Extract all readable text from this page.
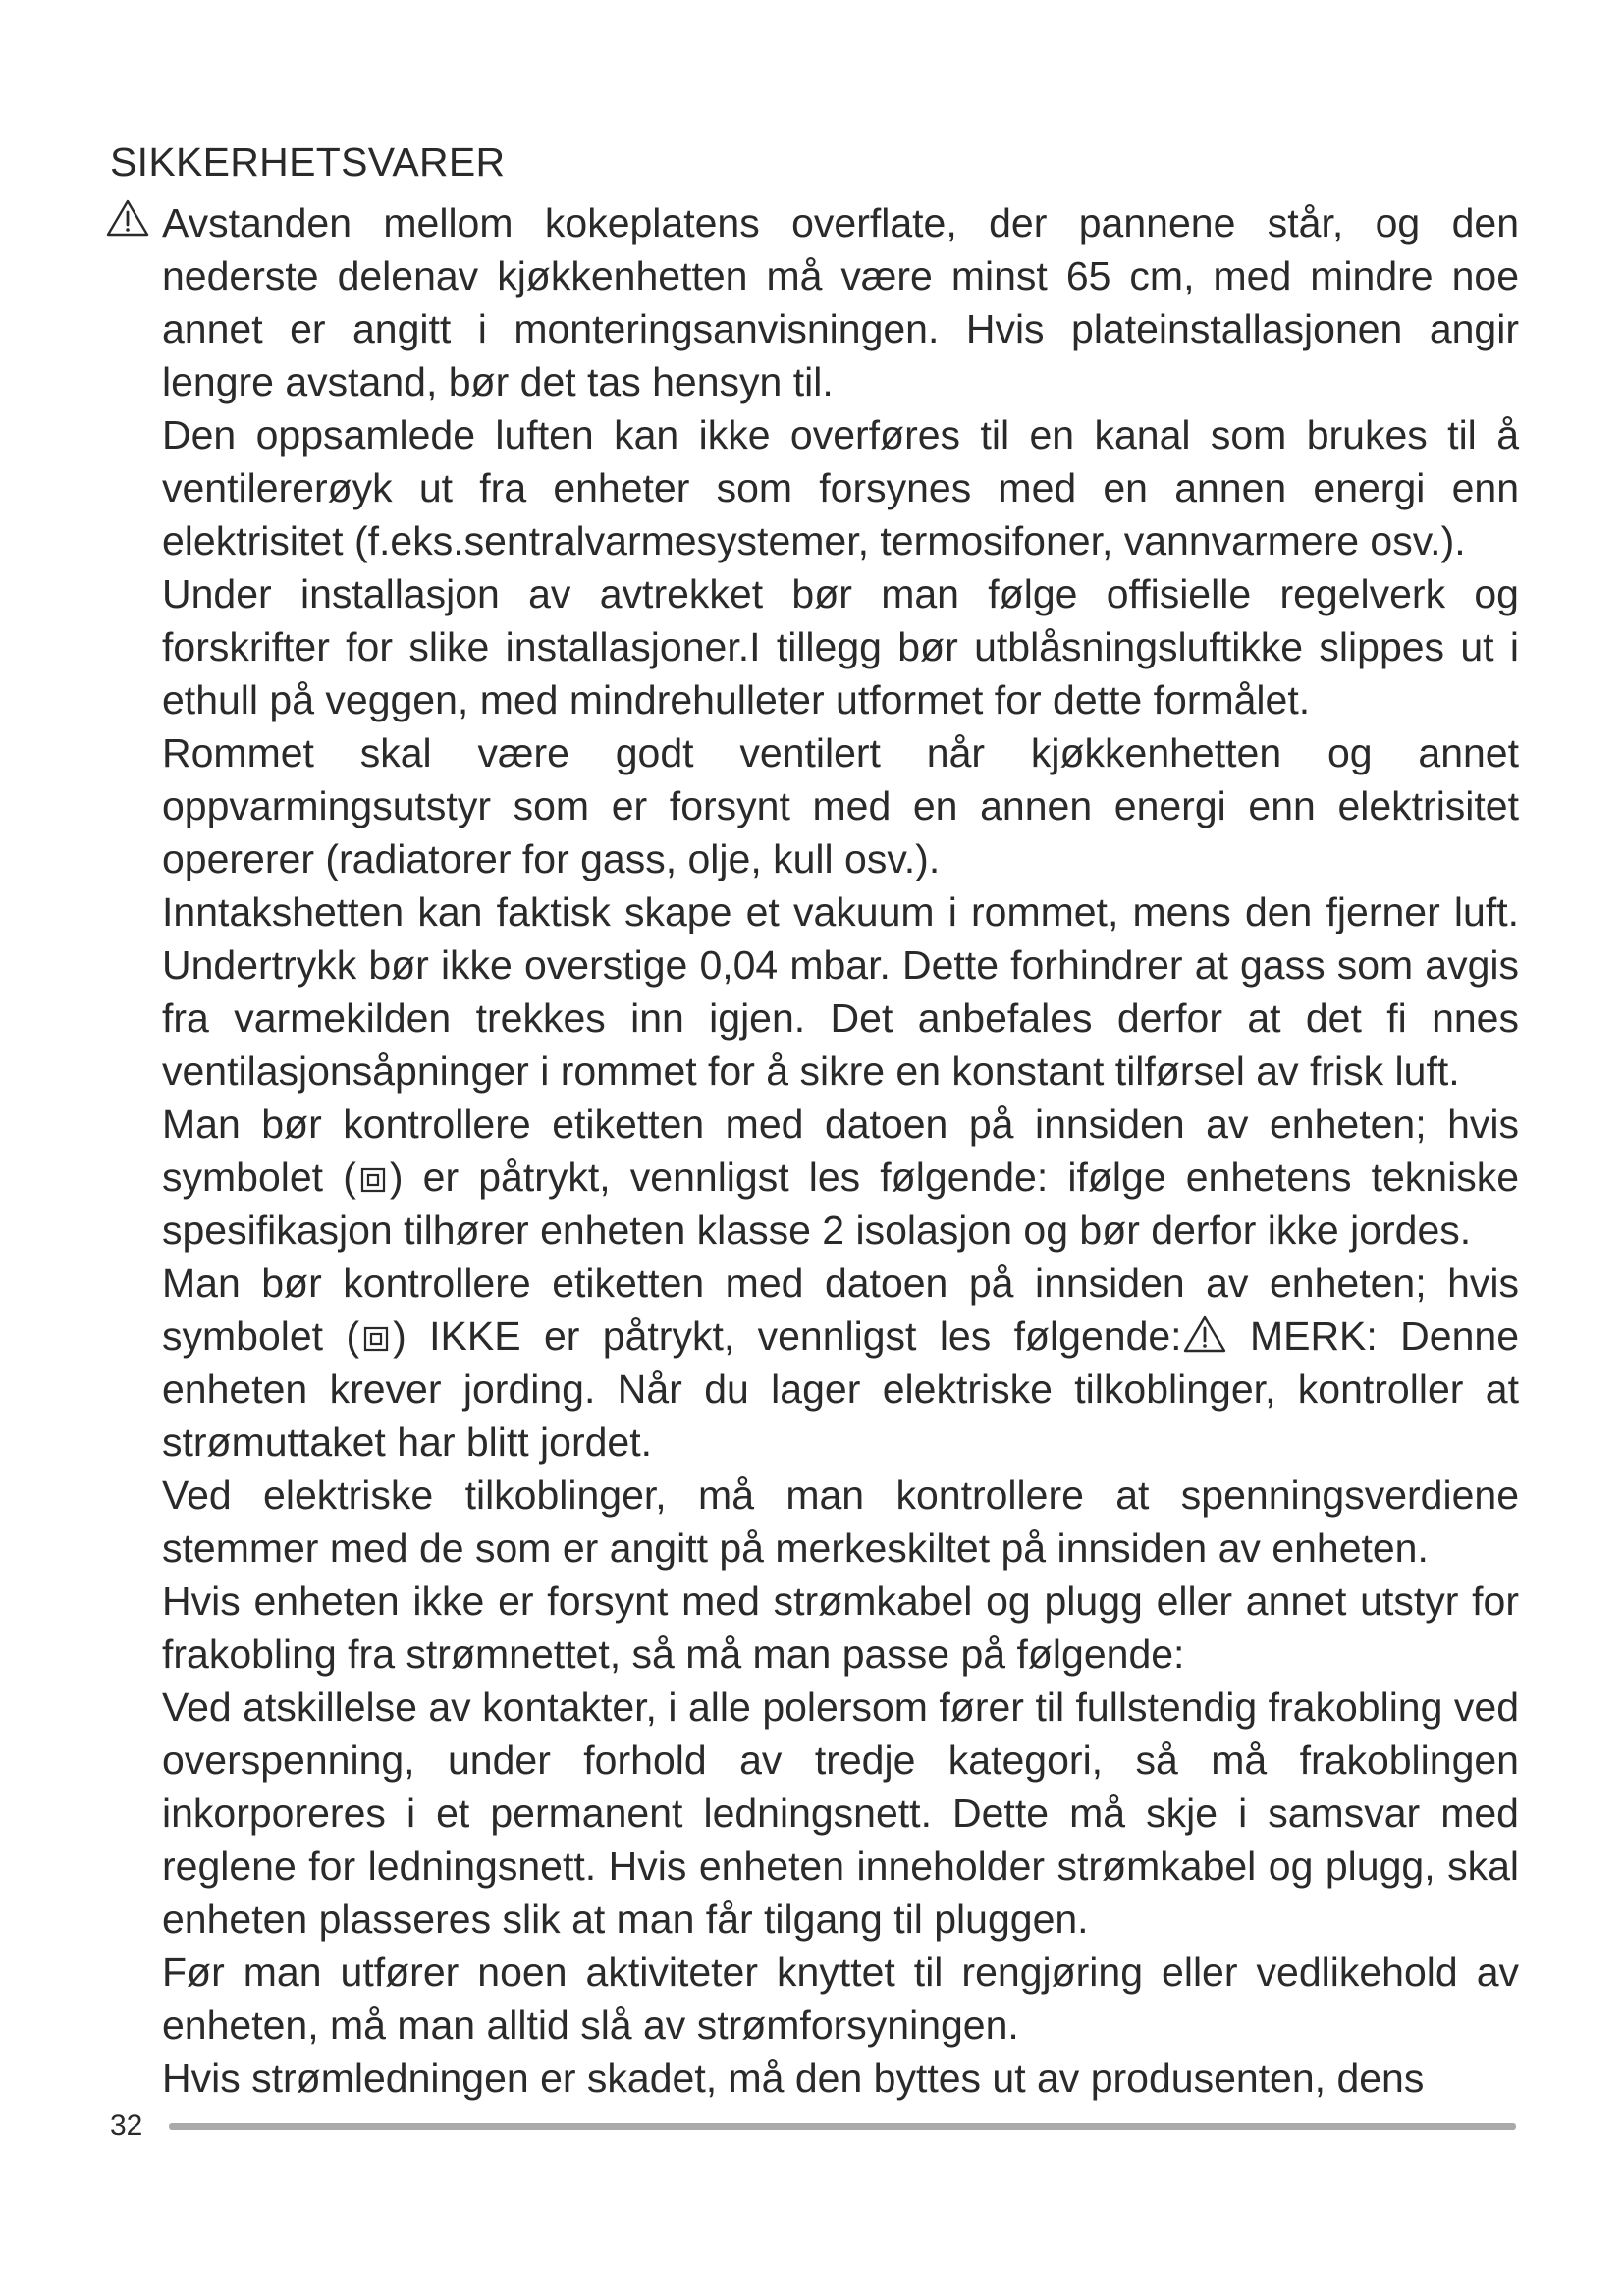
SIKKERHETSVARER

Avstanden mellom kokeplatens overflate, der pannene står, og den nederste delenav kjøkkenhetten må være minst 65 cm, med mindre noe annet er angitt i monteringsanvisningen. Hvis plateinstallasjonen angir lengre avstand, bør det tas hensyn til.

Den oppsamlede luften kan ikke overføres til en kanal som brukes til å ventilererøyk ut fra enheter som forsynes med en annen energi enn elektrisitet (f.eks.sentralvarmesystemer, termosifoner, vannvarmere osv.).

Under installasjon av avtrekket bør man følge offisielle regelverk og forskrifter for slike installasjoner.I tillegg bør utblåsningsluftikke slippes ut i ethull på veggen, med mindrehulleter utformet for dette formålet.

Rommet skal være godt ventilert når kjøkkenhetten og annet oppvarmingsutstyr som er forsynt med en annen energi enn elektrisitet opererer (radiatorer for gass, olje, kull osv.).

Inntakshetten kan faktisk skape et vakuum i rommet, mens den fjerner luft. Undertrykk bør ikke overstige 0,04 mbar. Dette forhindrer at gass som avgis fra varmekilden trekkes inn igjen. Det anbefales derfor at det fi nnes ventilasjonsåpninger i rommet for å sikre en konstant tilførsel av frisk luft.

Man bør kontrollere etiketten med datoen på innsiden av enheten; hvis symbolet ( ) er påtrykt, vennligst les følgende: ifølge enhetens tekniske spesifikasjon tilhører enheten klasse 2 isolasjon og bør derfor ikke jordes.

Man bør kontrollere etiketten med datoen på innsiden av enheten; hvis symbolet ( ) IKKE er påtrykt, vennligst les følgende:
MERK: Denne enheten krever jording. Når du lager elektriske tilkoblinger, kontroller at strømuttaket har blitt jordet.

Ved elektriske tilkoblinger, må man kontrollere at spenningsverdiene stemmer med de som er angitt på merkeskiltet på innsiden av enheten.

Hvis enheten ikke er forsynt med strømkabel og plugg eller annet utstyr for frakobling fra strømnettet, så må man passe på følgende:

Ved atskillelse av kontakter, i alle polersom fører til fullstendig frakobling ved overspenning, under forhold av tredje kategori, så må frakoblingen inkorporeres i et permanent ledningsnett. Dette må skje i samsvar med reglene for ledningsnett. Hvis enheten inneholder strømkabel og plugg, skal enheten plasseres slik at man får tilgang til pluggen.

Før man utfører noen aktiviteter knyttet til rengjøring eller vedlikehold av enheten, må man alltid slå av strømforsyningen.

Hvis strømledningen er skadet, må den byttes ut av produsenten, dens

32
